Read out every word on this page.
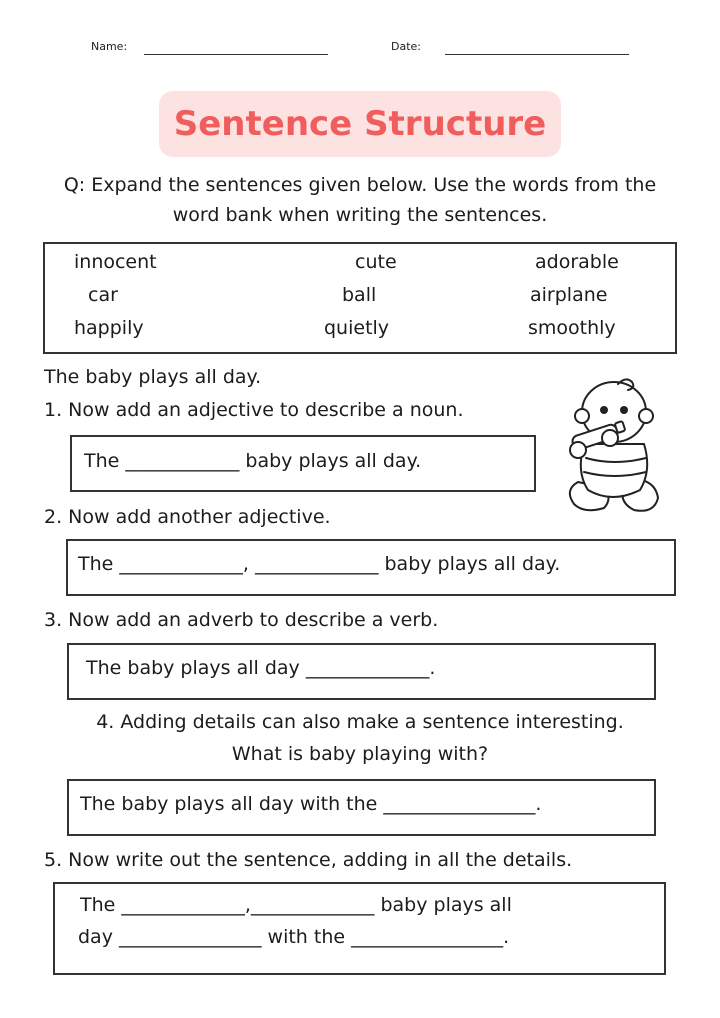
Name:	Date:
Sentence Structure
Q: Expand the sentences given below. Use the words from the
word bank when writing the sentences.
innocent	cute	adorable
car	ball	airplane
happily	quietly	smoothly
The baby plays all day.
1. Now add an adjective to describe a noun.
The ____________ baby plays all day.
2. Now add another adjective.
The _____________, _____________ baby plays all day.
3. Now add an adverb to describe a verb.
The baby plays all day _____________.
4. Adding details can also make a sentence interesting.
What is baby playing with?
The baby plays all day with the ________________.
5. Now write out the sentence, adding in all the details.
The _____________,_____________ baby plays all
day _______________ with the ________________.
